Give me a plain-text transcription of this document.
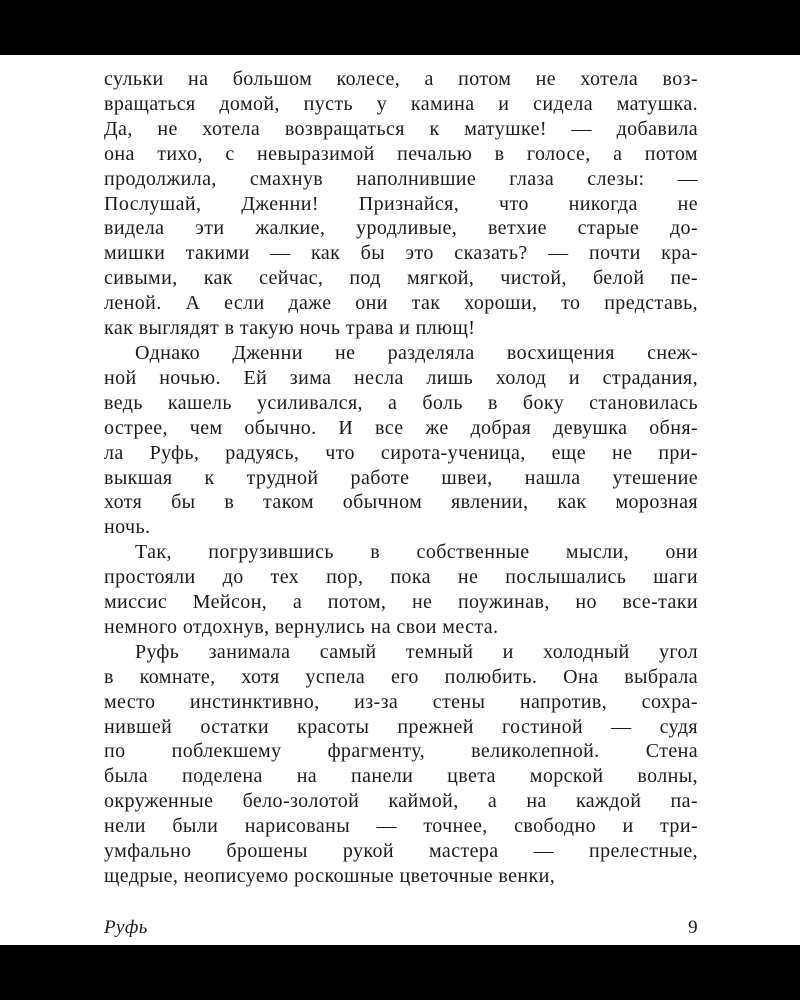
сульки на большом колесе, а потом не хотела воз-
вращаться домой, пусть у камина и сидела матушка.
Да, не хотела возвращаться к матушке! — добавила
она тихо, с невыразимой печалью в голосе, а потом
продолжила, смахнув наполнившие глаза слезы: —
Послушай, Дженни! Признайся, что никогда не
видела эти жалкие, уродливые, ветхие старые до-
мишки такими — как бы это сказать? — почти кра-
сивыми, как сейчас, под мягкой, чистой, белой пе-
леной. А если даже они так хороши, то представь,
как выглядят в такую ночь трава и плющ!
Однако Дженни не разделяла восхищения снеж-
ной ночью. Ей зима несла лишь холод и страдания,
ведь кашель усиливался, а боль в боку становилась
острее, чем обычно. И все же добрая девушка обня-
ла Руфь, радуясь, что сирота-ученица, еще не при-
выкшая к трудной работе швеи, нашла утешение
хотя бы в таком обычном явлении, как морозная
ночь.
Так, погрузившись в собственные мысли, они
простояли до тех пор, пока не послышались шаги
миссис Мейсон, а потом, не поужинав, но все-таки
немного отдохнув, вернулись на свои места.
Руфь занимала самый темный и холодный угол
в комнате, хотя успела его полюбить. Она выбрала
место инстинктивно, из-за стены напротив, сохра-
нившей остатки красоты прежней гостиной — судя
по поблекшему фрагменту, великолепной. Стена
была поделена на панели цвета морской волны,
окруженные бело-золотой каймой, а на каждой па-
нели были нарисованы — точнее, свободно и три-
умфально брошены рукой мастера — прелестные,
щедрые, неописуемо роскошные цветочные венки,
Руфь	9
